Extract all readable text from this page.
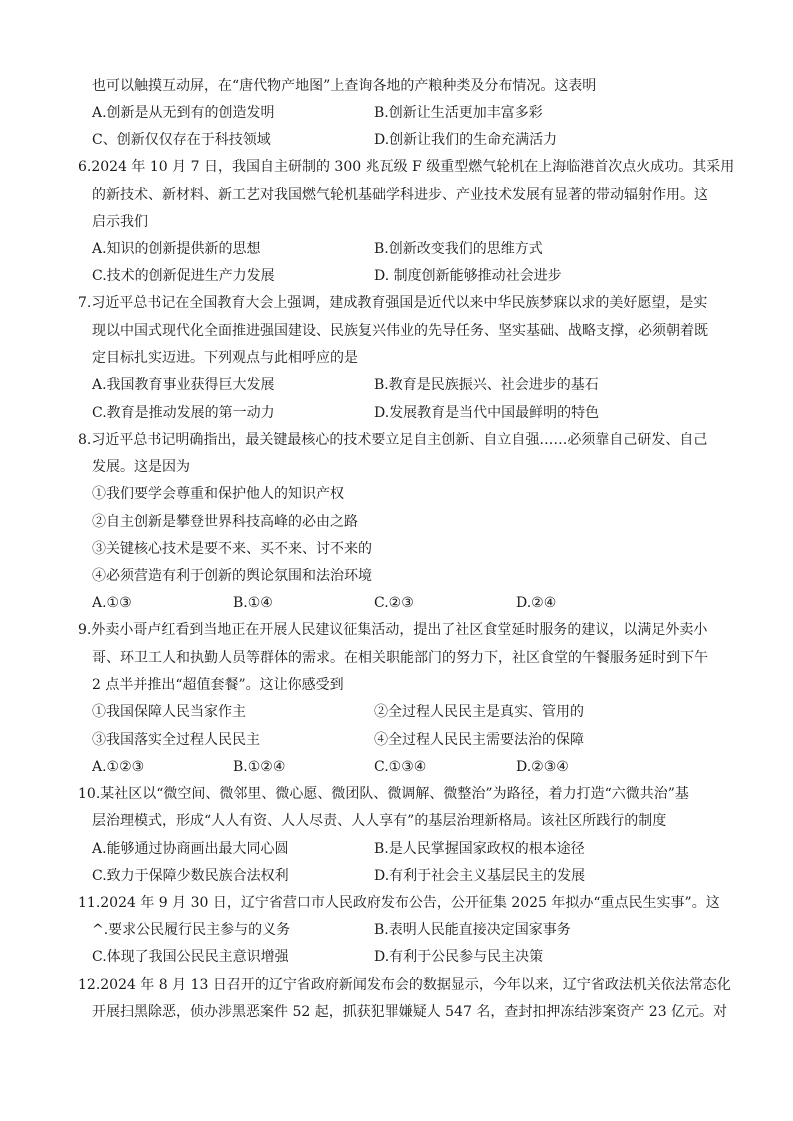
也可以触摸互动屏，在“唐代物产地图”上查询各地的产粮种类及分布情况。这表明
A.创新是从无到有的创造发明	B.创新让生活更加丰富多彩
C、创新仅仅存在于科技领域	D.创新让我们的生命充满活力
6.2024 年 10 月 7 日，我国自主研制的 300 兆瓦级 F 级重型燃气轮机在上海临港首次点火成功。其采用
的新技术、新材料、新工艺对我国燃气轮机基础学科进步、产业技术发展有显著的带动辐射作用。这
启示我们
A.知识的创新提供新的思想	B.创新改变我们的思维方式
C.技术的创新促进生产力发展	D. 制度创新能够推动社会进步
7.习近平总书记在全国教育大会上强调，建成教育强国是近代以来中华民族梦寐以求的美好愿望，是实
现以中国式现代化全面推进强国建设、民族复兴伟业的先导任务、坚实基础、战略支撑，必须朝着既
定目标扎实迈进。下列观点与此相呼应的是
A.我国教育事业获得巨大发展	B.教育是民族振兴、社会进步的基石
C.教育是推动发展的第一动力	D.发展教育是当代中国最鲜明的特色
8.习近平总书记明确指出，最关键最核心的技术要立足自主创新、自立自强……必须靠自己研发、自己
发展。这是因为
①我们要学会尊重和保护他人的知识产权
②自主创新是攀登世界科技高峰的必由之路
③关键核心技术是要不来、买不来、讨不来的
④必须营造有利于创新的舆论氛围和法治环境
A.①③	B.①④	C.②③	D.②④
9.外卖小哥卢红看到当地正在开展人民建议征集活动，提出了社区食堂延时服务的建议，以满足外卖小
哥、环卫工人和执勤人员等群体的需求。在相关职能部门的努力下，社区食堂的午餐服务延时到下午
2 点半并推出“超值套餐”。这让你感受到
①我国保障人民当家作主	②全过程人民民主是真实、管用的
③我国落实全过程人民民主	④全过程人民民主需要法治的保障
A.①②③	B.①②④	C.①③④	D.②③④
10.某社区以“微空间、微邻里、微心愿、微团队、微调解、微整治”为路径，着力打造“六微共治”基
层治理模式，形成“人人有资、人人尽责、人人享有”的基层治理新格局。该社区所践行的制度
A.能够通过协商画出最大同心圆	B.是人民掌握国家政权的根本途径
C.致力于保障少数民族合法权利	D.有利于社会主义基层民主的发展
11.2024 年 9 月 30 日，辽宁省营口市人民政府发布公告，公开征集 2025 年拟办“重点民生实事”。这
^.要求公民履行民主参与的义务	B.表明人民能直接决定国家事务
C.体现了我国公民民主意识增强	D.有利于公民参与民主决策
12.2024 年 8 月 13 日召开的辽宁省政府新闻发布会的数据显示，今年以来，辽宁省政法机关依法常态化
开展扫黑除恶，侦办涉黑恶案件 52 起，抓获犯罪嫌疑人 547 名，查封扣押冻结涉案资产 23 亿元。对
